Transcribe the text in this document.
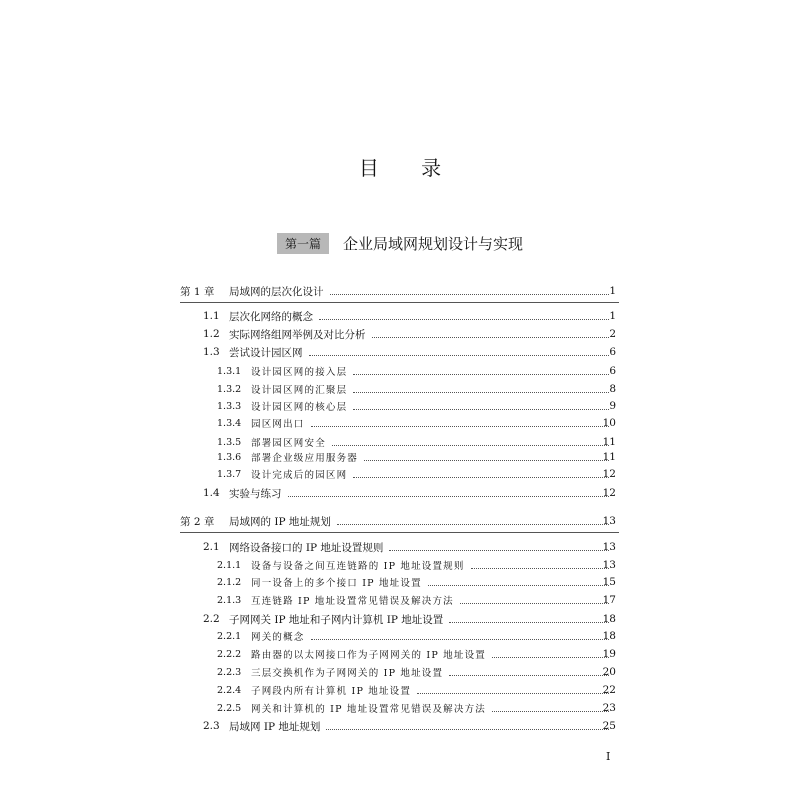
目 录
第一篇 企业局域网规划设计与实现
第 1 章 局域网的层次化设计	1
1.1 层次化网络的概念	1
1.2 实际网络组网举例及对比分析	2
1.3 尝试设计园区网	6
1.3.1 设计园区网的接入层	6
1.3.2 设计园区网的汇聚层	8
1.3.3 设计园区网的核心层	9
1.3.4 园区网出口	10
1.3.5 部署园区网安全	11
1.3.6 部署企业级应用服务器	11
1.3.7 设计完成后的园区网	12
1.4 实验与练习	12
第 2 章 局域网的 IP 地址规划	13
2.1 网络设备接口的 IP 地址设置规则	13
2.1.1 设备与设备之间互连链路的 IP 地址设置规则	13
2.1.2 同一设备上的多个接口 IP 地址设置	15
2.1.3 互连链路 IP 地址设置常见错误及解决方法	17
2.2 子网网关 IP 地址和子网内计算机 IP 地址设置	18
2.2.1 网关的概念	18
2.2.2 路由器的以太网接口作为子网网关的 IP 地址设置	19
2.2.3 三层交换机作为子网网关的 IP 地址设置	20
2.2.4 子网段内所有计算机 IP 地址设置	22
2.2.5 网关和计算机的 IP 地址设置常见错误及解决方法	23
2.3 局域网 IP 地址规划	25
I
